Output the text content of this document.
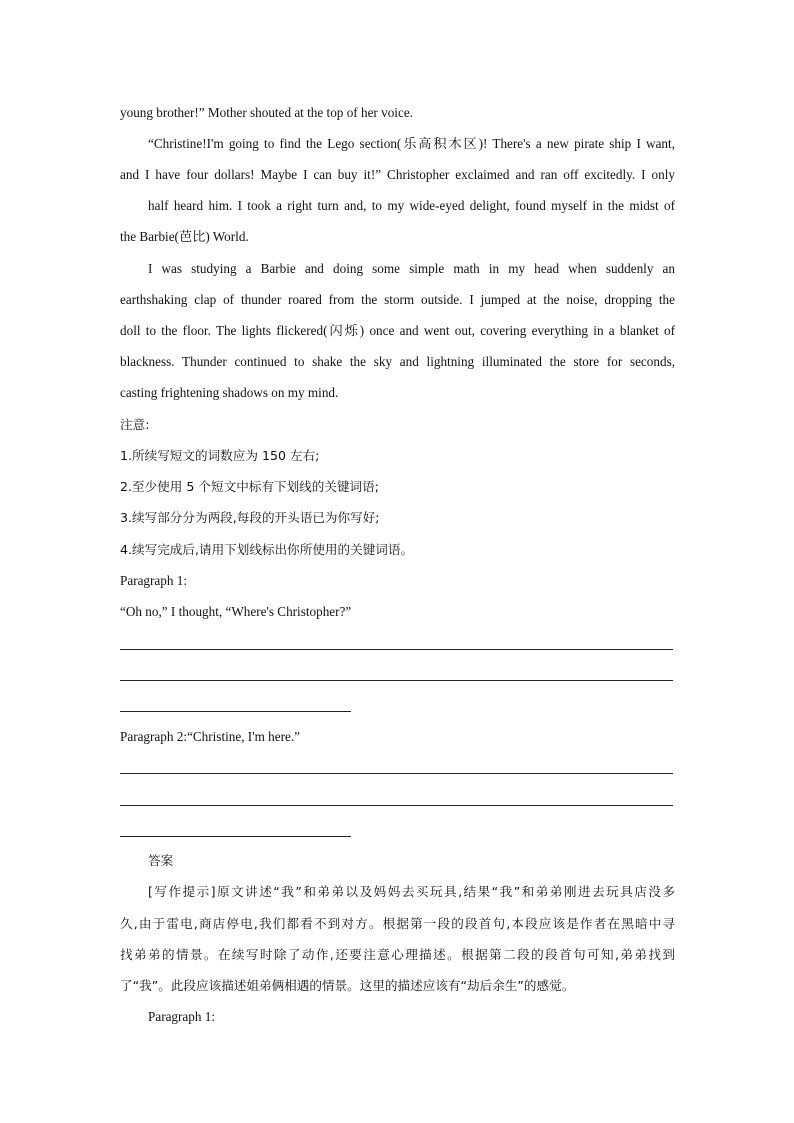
young brother!” Mother shouted at the top of her voice.
“Christine!I'm going to find the Lego section(乐高积木区)! There's a new pirate ship I want,
and I have four dollars! Maybe I can buy it!” Christopher exclaimed and ran off excitedly. I only
half heard him. I took a right turn and, to my wide-eyed delight, found myself in the midst of
the Barbie(芭比) World.
I was studying a Barbie and doing some simple math in my head when suddenly an
earthshaking clap of thunder roared from the storm outside. I jumped at the noise, dropping the
doll to the floor. The lights flickered(闪烁) once and went out, covering everything in a blanket of
blackness. Thunder continued to shake the sky and lightning illuminated the store for seconds,
casting frightening shadows on my mind.
注意:
1.所续写短文的词数应为 150 左右;
2.至少使用 5 个短文中标有下划线的关键词语;
3.续写部分分为两段,每段的开头语已为你写好;
4.续写完成后,请用下划线标出你所使用的关键词语。
Paragraph 1:
“Oh no,” I thought, “Where's Christopher?”
Paragraph 2:“Christine, I'm here.”
答案
[写作提示]原文讲述“我”和弟弟以及妈妈去买玩具,结果“我”和弟弟刚进去玩具店没多
久,由于雷电,商店停电,我们都看不到对方。根据第一段的段首句,本段应该是作者在黑暗中寻
找弟弟的情景。在续写时除了动作,还要注意心理描述。根据第二段的段首句可知,弟弟找到
了“我”。此段应该描述姐弟俩相遇的情景。这里的描述应该有“劫后余生”的感觉。
Paragraph 1:
